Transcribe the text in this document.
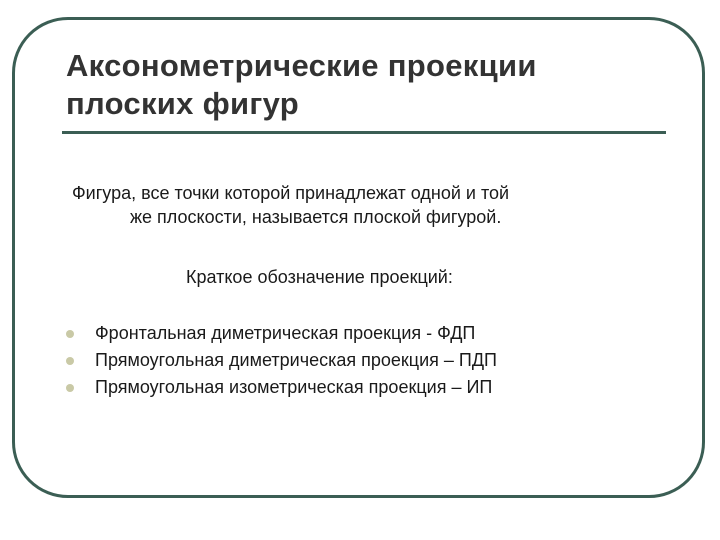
Аксонометрические проекции
плоских фигур

Фигура, все точки которой принадлежат одной и той
же плоскости, называется плоской фигурой.

Краткое обозначение проекций:

Фронтальная диметрическая проекция - ФДП
Прямоугольная диметрическая проекция – ПДП
Прямоугольная изометрическая проекция – ИП
